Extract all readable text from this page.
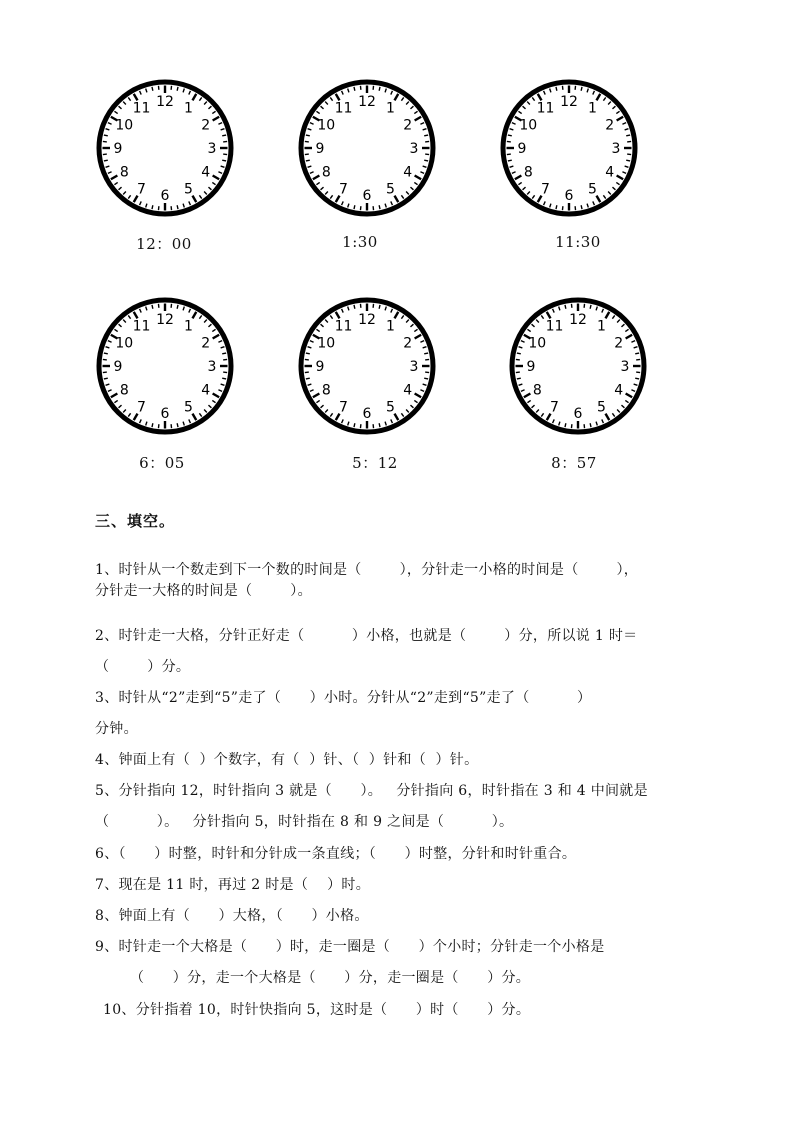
12 1
2
3
4
5
6
7
8
9
10
11	12 1
2
3
4
5
6
7
8
9
10
11	12 1
2
3
4
5
6
7
8
9
10
11
12 1
2
3
4
5
6
7
8
9
10
11	12 1
2
3
4
5
6
7
8
9
10
11	12 1
2
3
4
5
6
7
8
9
10
11
12：00	1:30	11:30
6：05	5：12	8：57
三、填空。
1、时针从一个数走到下一个数的时间是（        ），分针走一小格的时间是（        ），
分针走一大格的时间是（        ）。
2、时针走一大格，分针正好走（          ）小格，也就是（        ）分，所以说 1 时＝
（        ）分。
3、时针从“2”走到“5”走了（      ）小时。分针从“2”走到“5”走了（          ）
分钟。
4、钟面上有（  ）个数字，有（  ）针、（  ）针和（  ）针。
5、分针指向 12，时针指向 3 就是（      ）。   分针指向 6，时针指在 3 和 4 中间就是
（          ）。   分针指向 5，时针指在 8 和 9 之间是（          ）。
6、（      ）时整，时针和分针成一条直线；（      ）时整，分针和时针重合。
7、现在是 11 时，再过 2 时是（    ）时。
8、钟面上有（      ）大格，（      ）小格。
9、时针走一个大格是（      ）时，走一圈是（      ）个小时；分针走一个小格是
（      ）分，走一个大格是（      ）分，走一圈是（      ）分。
10、分针指着 10，时针快指向 5，这时是（      ）时（      ）分。
